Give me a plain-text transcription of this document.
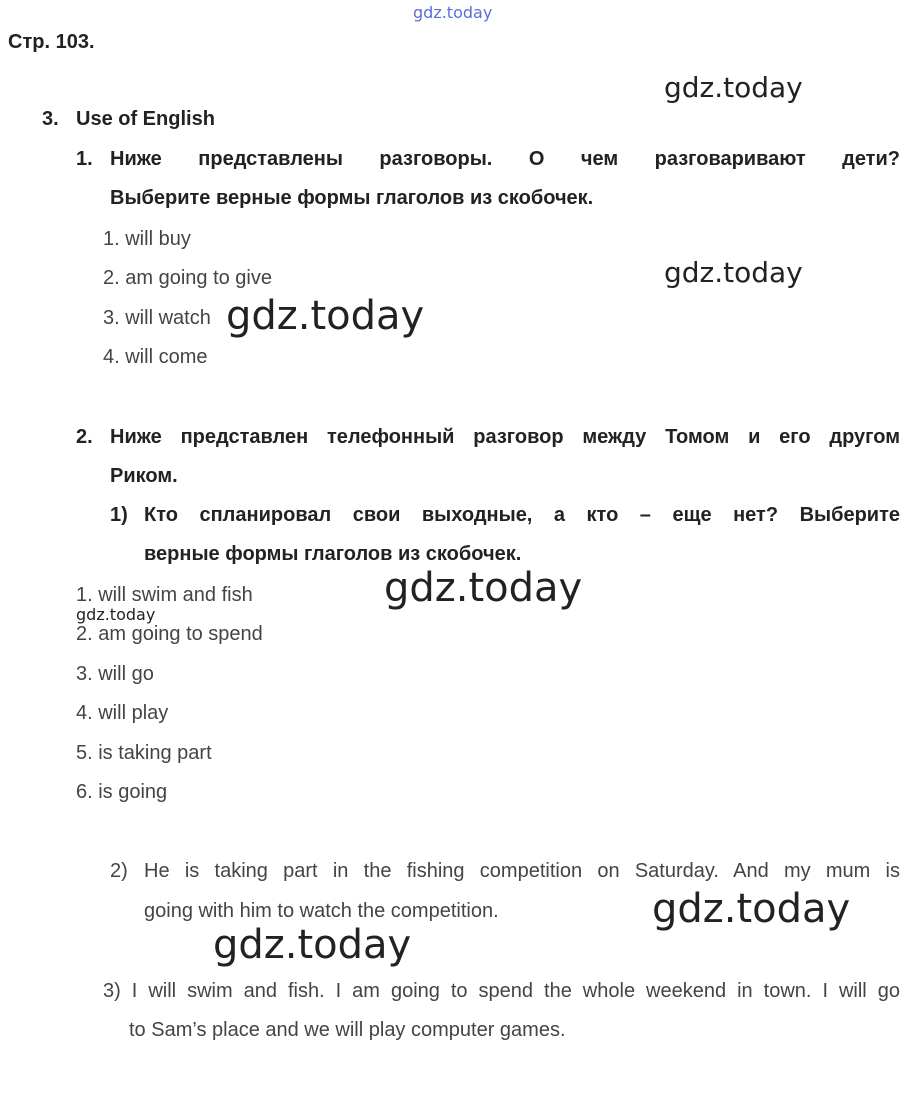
gdz.today
Стр. 103.
3. Use of English
1. Ниже представлены разговоры. О чем разговаривают дети?
Выберите верные формы глаголов из скобочек.
1. will buy
2. am going to give
3. will watch
4. will come
2. Ниже представлен телефонный разговор между Томом и его другом
Риком.
1) Кто спланировал свои выходные, а кто – еще нет? Выберите
верные формы глаголов из скобочек.
1. will swim and fish
2. am going to spend
3. will go
4. will play
5. is taking part
6. is going
2) He is taking part in the fishing competition on Saturday. And my mum is
going with him to watch the competition.
3) I will swim and fish. I am going to spend the whole weekend in town. I will go
to Sam’s place and we will play computer games.
gdz.today
gdz.today
gdz.today
gdz.today
gdz.today
gdz.today
gdz.today
